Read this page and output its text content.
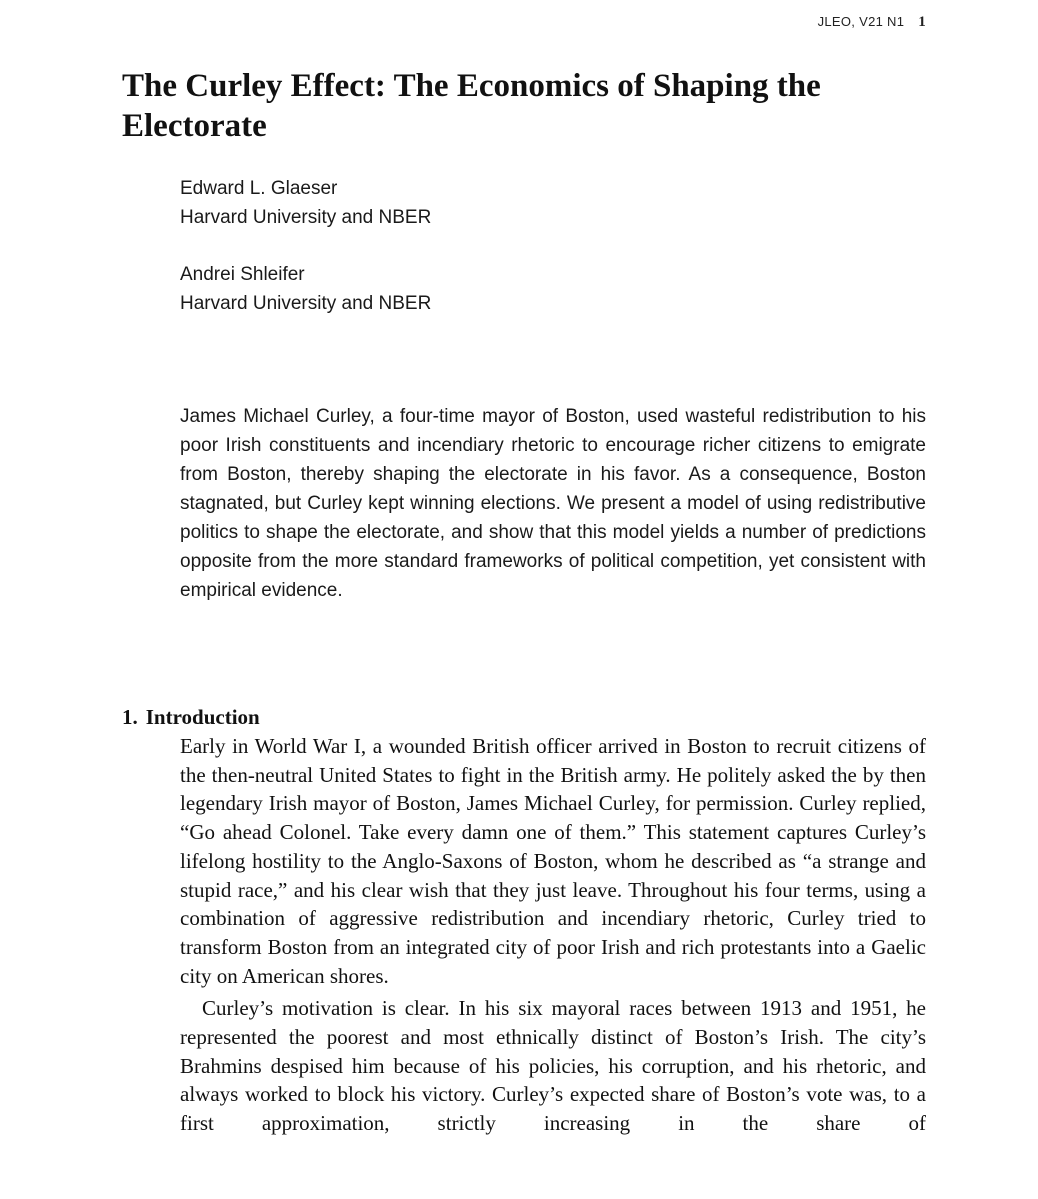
JLEO, V21 N1 1
The Curley Effect: The Economics of Shaping the Electorate
Edward L. Glaeser
Harvard University and NBER
Andrei Shleifer
Harvard University and NBER

James Michael Curley, a four-time mayor of Boston, used wasteful redistribution to his poor Irish constituents and incendiary rhetoric to encourage richer citizens to emigrate from Boston, thereby shaping the electorate in his favor. As a consequence, Boston stagnated, but Curley kept winning elections. We present a model of using redistributive politics to shape the electorate, and show that this model yields a number of predictions opposite from the more standard frameworks of political competition, yet consistent with empirical evidence.

1. Introduction

Early in World War I, a wounded British officer arrived in Boston to recruit citizens of the then-neutral United States to fight in the British army. He politely asked the by then legendary Irish mayor of Boston, James Michael Curley, for permission. Curley replied, “Go ahead Colonel. Take every damn one of them.” This statement captures Curley’s lifelong hostility to the Anglo-Saxons of Boston, whom he described as “a strange and stupid race,” and his clear wish that they just leave. Throughout his four terms, using a combination of aggressive redistribution and incendiary rhetoric, Curley tried to transform Boston from an integrated city of poor Irish and rich protestants into a Gaelic city on American shores.

Curley’s motivation is clear. In his six mayoral races between 1913 and 1951, he represented the poorest and most ethnically distinct of Boston’s Irish. The city’s Brahmins despised him because of his policies, his corruption, and his rhetoric, and always worked to block his victory. Curley’s expected share of Boston’s vote was, to a first approximation, strictly increasing in the share of
